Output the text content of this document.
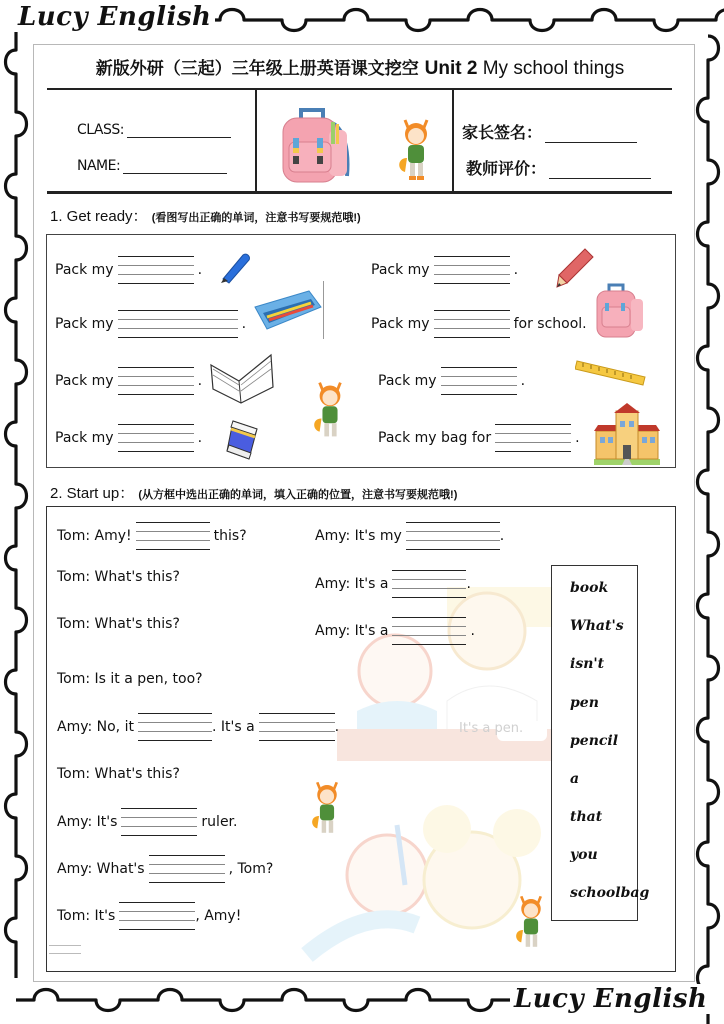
Lucy English
Lucy English
新版外研（三起）三年级上册英语课文挖空 Unit 2 My school things
CLASS:
NAME:
家长签名：
教师评价：
1. Get ready： (看图写出正确的单词，注意书写要规范哦!)
Pack my	.
Pack my	.
Pack my	.
Pack my	.
Pack my	.
Pack my	for school.
Pack my	.
Pack my bag for	.
2. Start up： (从方框中选出正确的单词，填入正确的位置，注意书写要规范哦!)
It's a pen.
Tom: Amy!	this?	Amy: It's my	.
Tom: What's this?	Amy: It's a	.
Tom: What's this?	Amy: It's a	.
Tom: Is it a pen, too?
Amy: No, it	. It's a	.
Tom: What's this?
Amy: It's	ruler.
Amy: What's	, Tom?
Tom: It's	, Amy!
book
What's
isn't
pen
pencil
a
that
you
schoolbag
